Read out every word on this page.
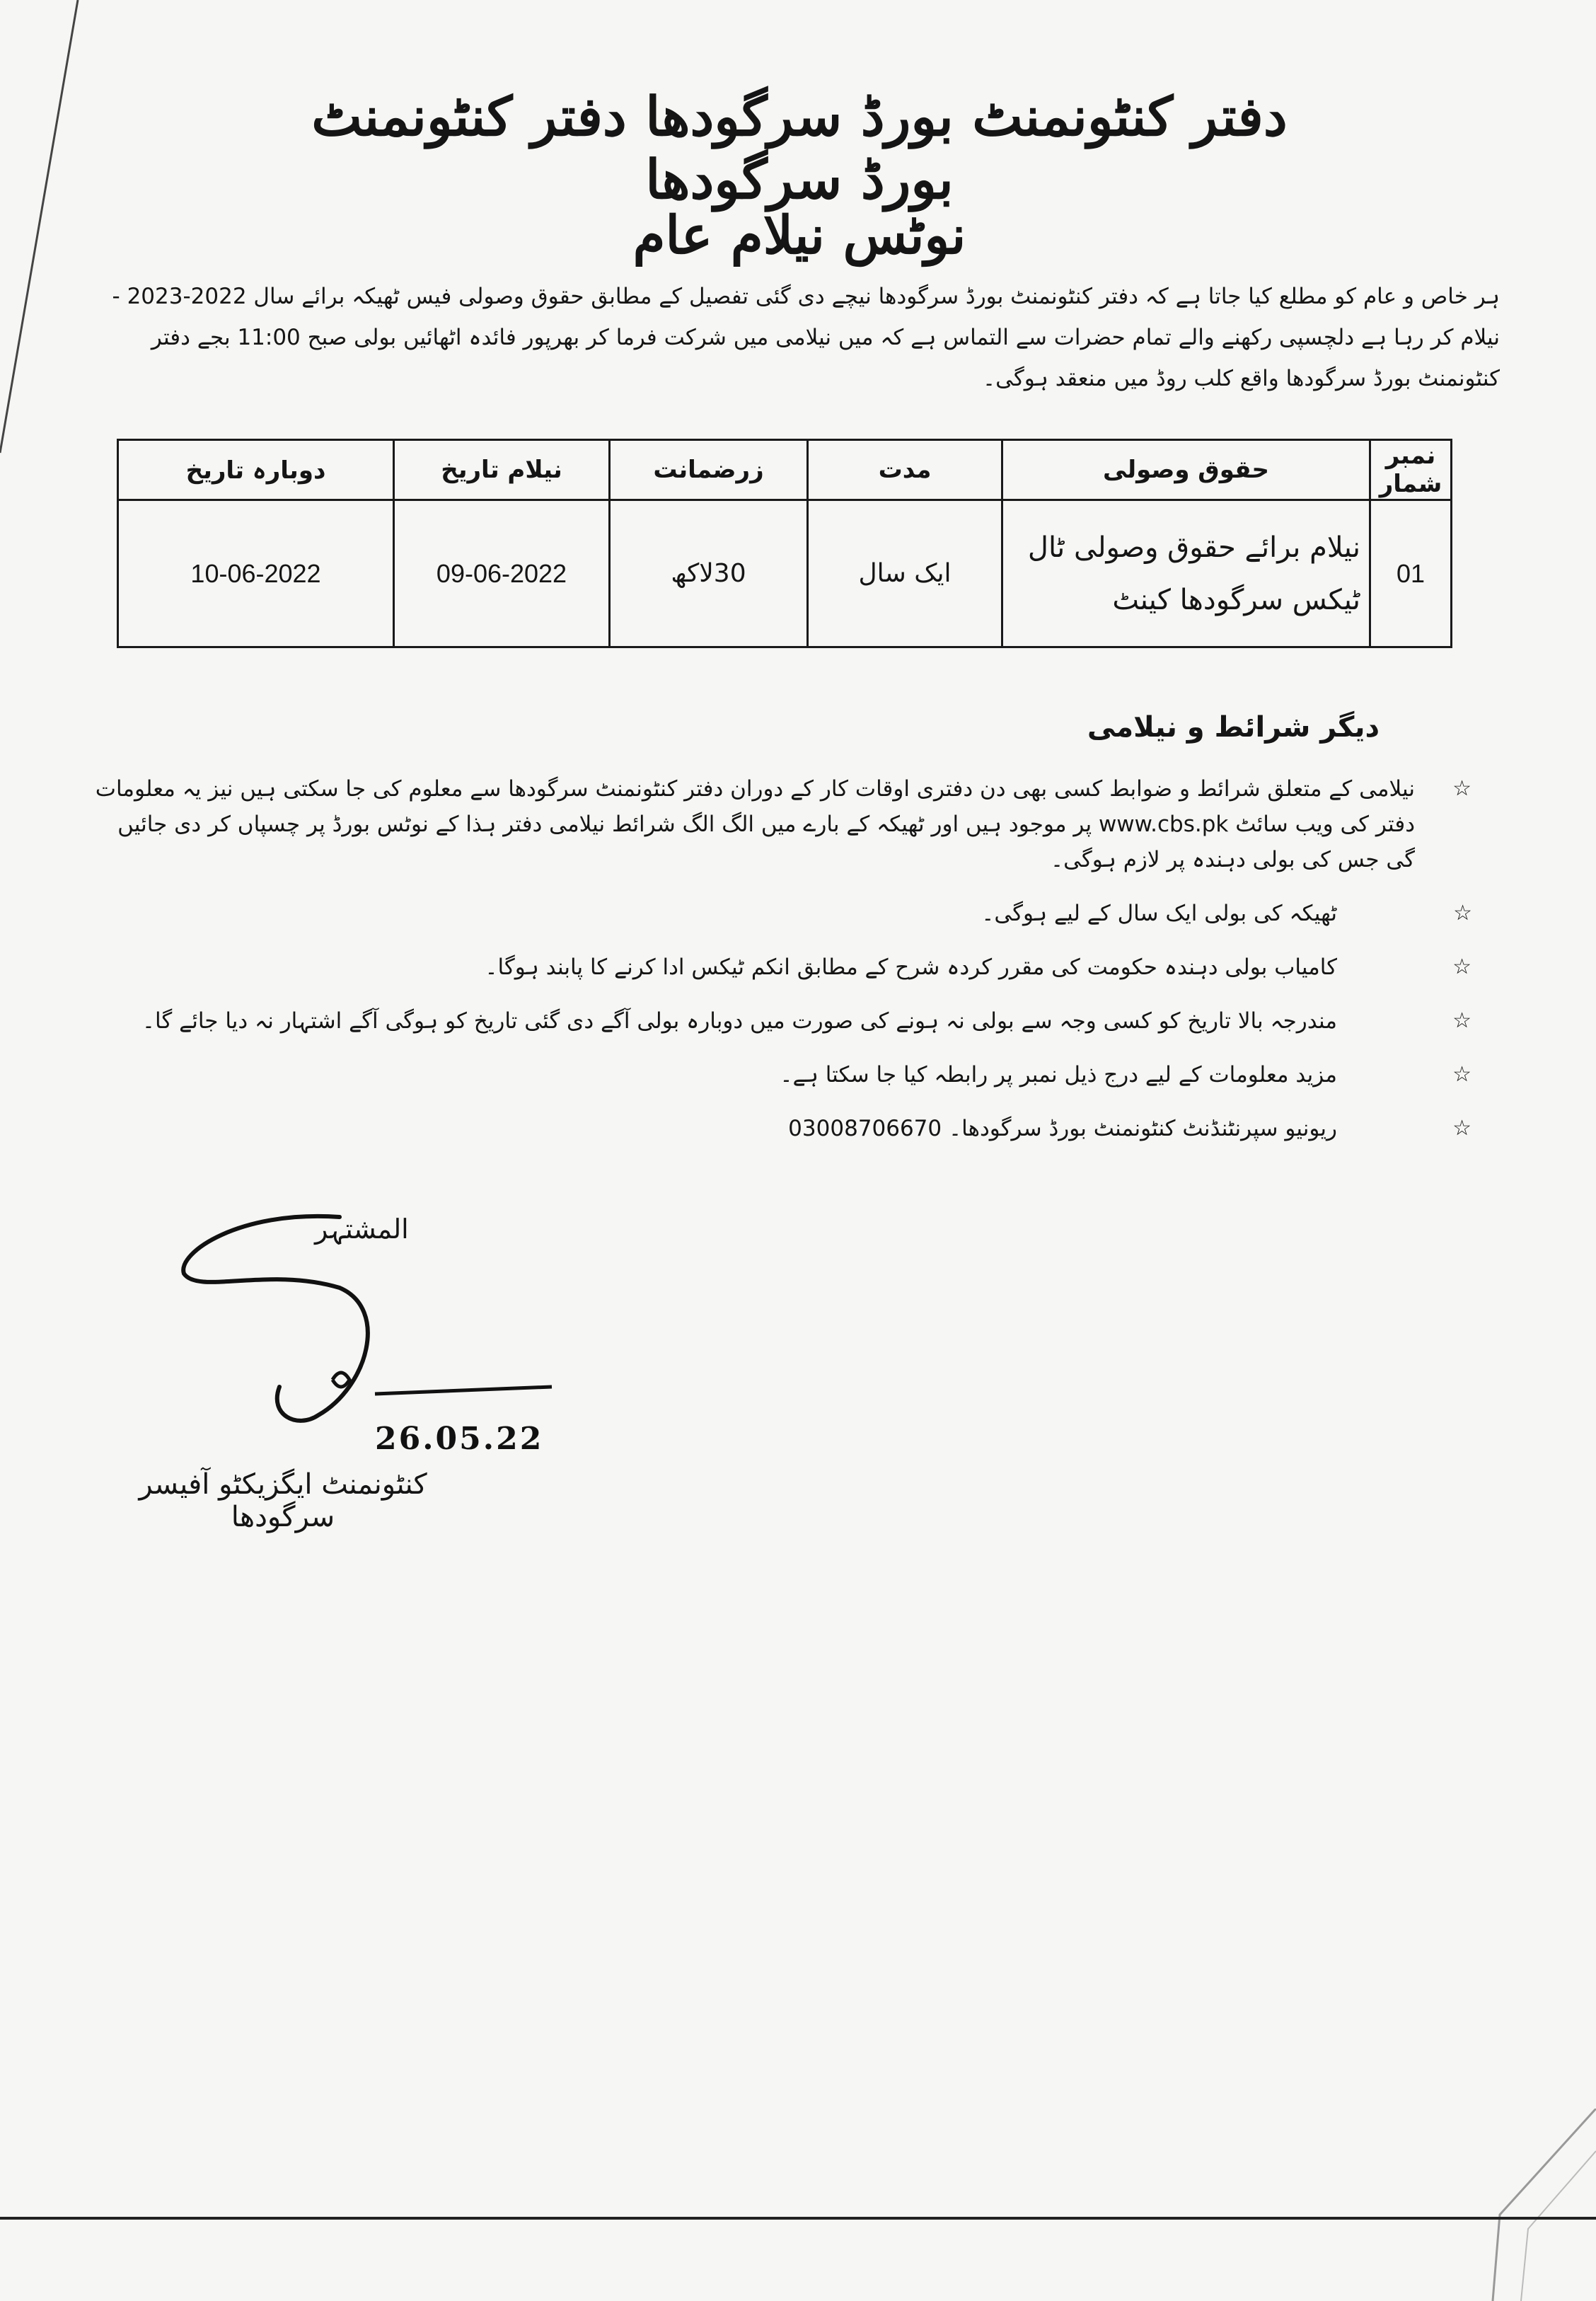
دفتر کنٹونمنٹ بورڈ سرگودھا دفتر کنٹونمنٹ بورڈ سرگودھا
نوٹس نیلام عام
ہر خاص و عام کو مطلع کیا جاتا ہے کہ دفتر کنٹونمنٹ بورڈ سرگودھا نیچے دی گئی تفصیل کے مطابق حقوق وصولی فیس ٹھیکہ برائے سال 2022-2023 - نیلام کر رہا ہے دلچسپی رکھنے والے تمام حضرات سے التماس ہے کہ میں نیلامی میں شرکت فرما کر بھرپور فائدہ اٹھائیں بولی صبح 11:00 بجے دفتر کنٹونمنٹ بورڈ سرگودھا واقع کلب روڈ میں منعقد ہوگی۔
نمبر شمار	حقوق وصولی	مدت	زرضمانت	نیلام تاریخ	دوبارہ تاریخ
01	نیلام برائے حقوق وصولی ٹال ٹیکس سرگودھا کینٹ	ایک سال	30لاکھ	09-06-2022	10-06-2022
دیگر شرائط و نیلامی
☆
نیلامی کے متعلق شرائط و ضوابط کسی بھی دن دفتری اوقات کار کے دوران دفتر کنٹونمنٹ سرگودھا سے معلوم کی جا سکتی ہیں نیز یہ معلومات دفتر کی ویب سائٹ www.cbs.pk پر موجود ہیں اور ٹھیکہ کے بارے میں الگ الگ شرائط نیلامی دفتر ہذا کے نوٹس بورڈ پر چسپاں کر دی جائیں گی جس کی بولی دہندہ پر لازم ہوگی۔
☆
ٹھیکہ کی بولی ایک سال کے لیے ہوگی۔
☆
کامیاب بولی دہندہ حکومت کی مقرر کردہ شرح کے مطابق انکم ٹیکس ادا کرنے کا پابند ہوگا۔
☆
مندرجہ بالا تاریخ کو کسی وجہ سے بولی نہ ہونے کی صورت میں دوبارہ بولی آگے دی گئی تاریخ کو ہوگی آگے اشتہار نہ دیا جائے گا۔
☆
مزید معلومات کے لیے درج ذیل نمبر پر رابطہ کیا جا سکتا ہے۔
☆
ریونیو سپرنٹنڈنٹ کنٹونمنٹ بورڈ سرگودھا۔ 03008706670
المشتہر
26.05.22
کنٹونمنٹ ایگزیکٹو آفیسر سرگودھا
